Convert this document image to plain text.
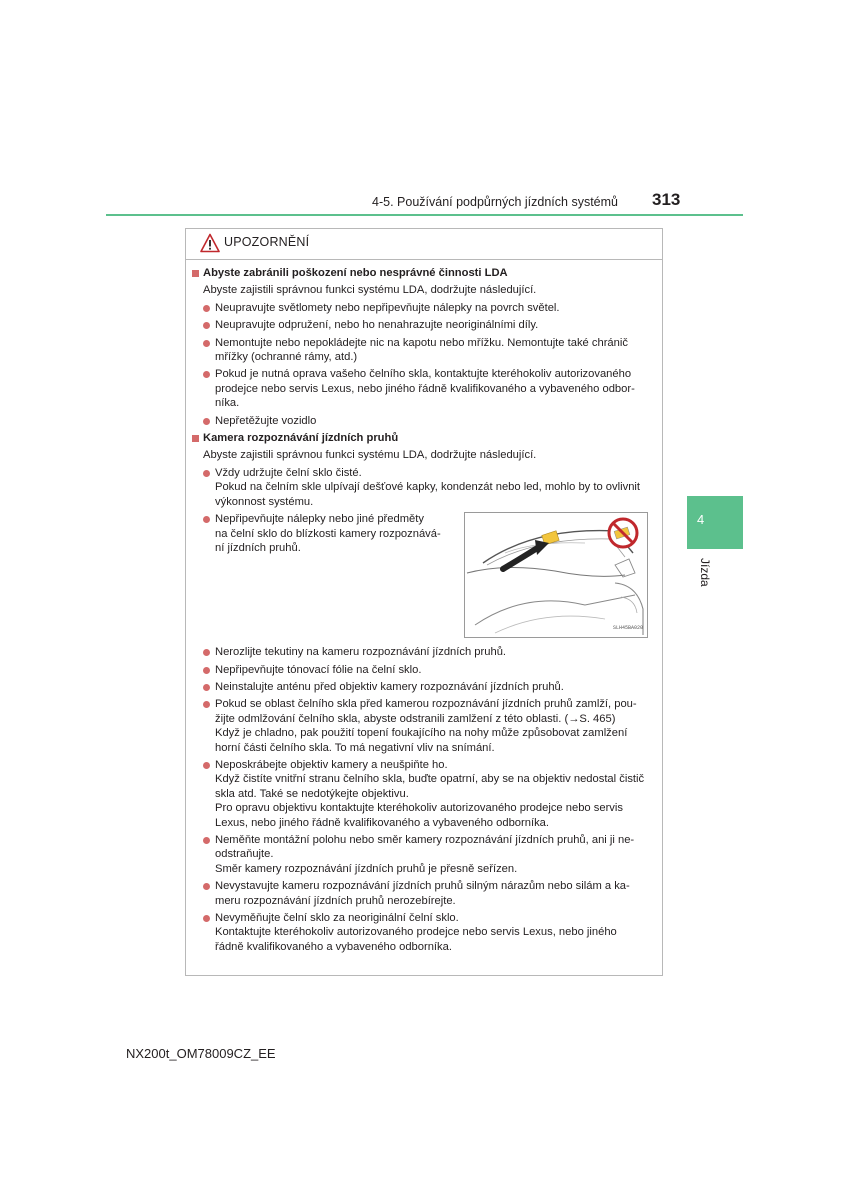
4-5. Používání podpůrných jízdních systémů 313
4
Jízda
UPOZORNĚNÍ
Abyste zabránili poškození nebo nesprávné činnosti LDA
Abyste zajistili správnou funkci systému LDA, dodržujte následující.
Neupravujte světlomety nebo nepřipevňujte nálepky na povrch světel.
Neupravujte odpružení, nebo ho nenahrazujte neoriginálními díly.
Nemontujte nebo nepokládejte nic na kapotu nebo mřížku. Nemontujte také chránič
mřížky (ochranné rámy, atd.)
Pokud je nutná oprava vašeho čelního skla, kontaktujte kteréhokoliv autorizovaného
prodejce nebo servis Lexus, nebo jiného řádně kvalifikovaného a vybaveného odbor-
níka.
Nepřetěžujte vozidlo
Kamera rozpoznávání jízdních pruhů
Abyste zajistili správnou funkci systému LDA, dodržujte následující.
Vždy udržujte čelní sklo čisté.
Pokud na čelním skle ulpívají dešťové kapky, kondenzát nebo led, mohlo by to ovlivnit
výkonnost systému.
Nepřipevňujte nálepky nebo jiné předměty
na čelní sklo do blízkosti kamery rozpoznává-
ní jízdních pruhů.
SLH45BA020
Nerozlijte tekutiny na kameru rozpoznávání jízdních pruhů.
Nepřipevňujte tónovací fólie na čelní sklo.
Neinstalujte anténu před objektiv kamery rozpoznávání jízdních pruhů.
Pokud se oblast čelního skla před kamerou rozpoznávání jízdních pruhů zamlží, pou-
žijte odmlžování čelního skla, abyste odstranili zamlžení z této oblasti. (→S. 465)
Když je chladno, pak použití topení foukajícího na nohy může způsobovat zamlžení
horní části čelního skla. To má negativní vliv na snímání.
Neposkrábejte objektiv kamery a neušpiňte ho.
Když čistíte vnitřní stranu čelního skla, buďte opatrní, aby se na objektiv nedostal čistič
skla atd. Také se nedotýkejte objektivu.
Pro opravu objektivu kontaktujte kteréhokoliv autorizovaného prodejce nebo servis
Lexus, nebo jiného řádně kvalifikovaného a vybaveného odborníka.
Neměňte montážní polohu nebo směr kamery rozpoznávání jízdních pruhů, ani ji ne-
odstraňujte.
Směr kamery rozpoznávání jízdních pruhů je přesně seřízen.
Nevystavujte kameru rozpoznávání jízdních pruhů silným nárazům nebo silám a ka-
meru rozpoznávání jízdních pruhů nerozebírejte.
Nevyměňujte čelní sklo za neoriginální čelní sklo.
Kontaktujte kteréhokoliv autorizovaného prodejce nebo servis Lexus, nebo jiného
řádně kvalifikovaného a vybaveného odborníka.
NX200t_OM78009CZ_EE
